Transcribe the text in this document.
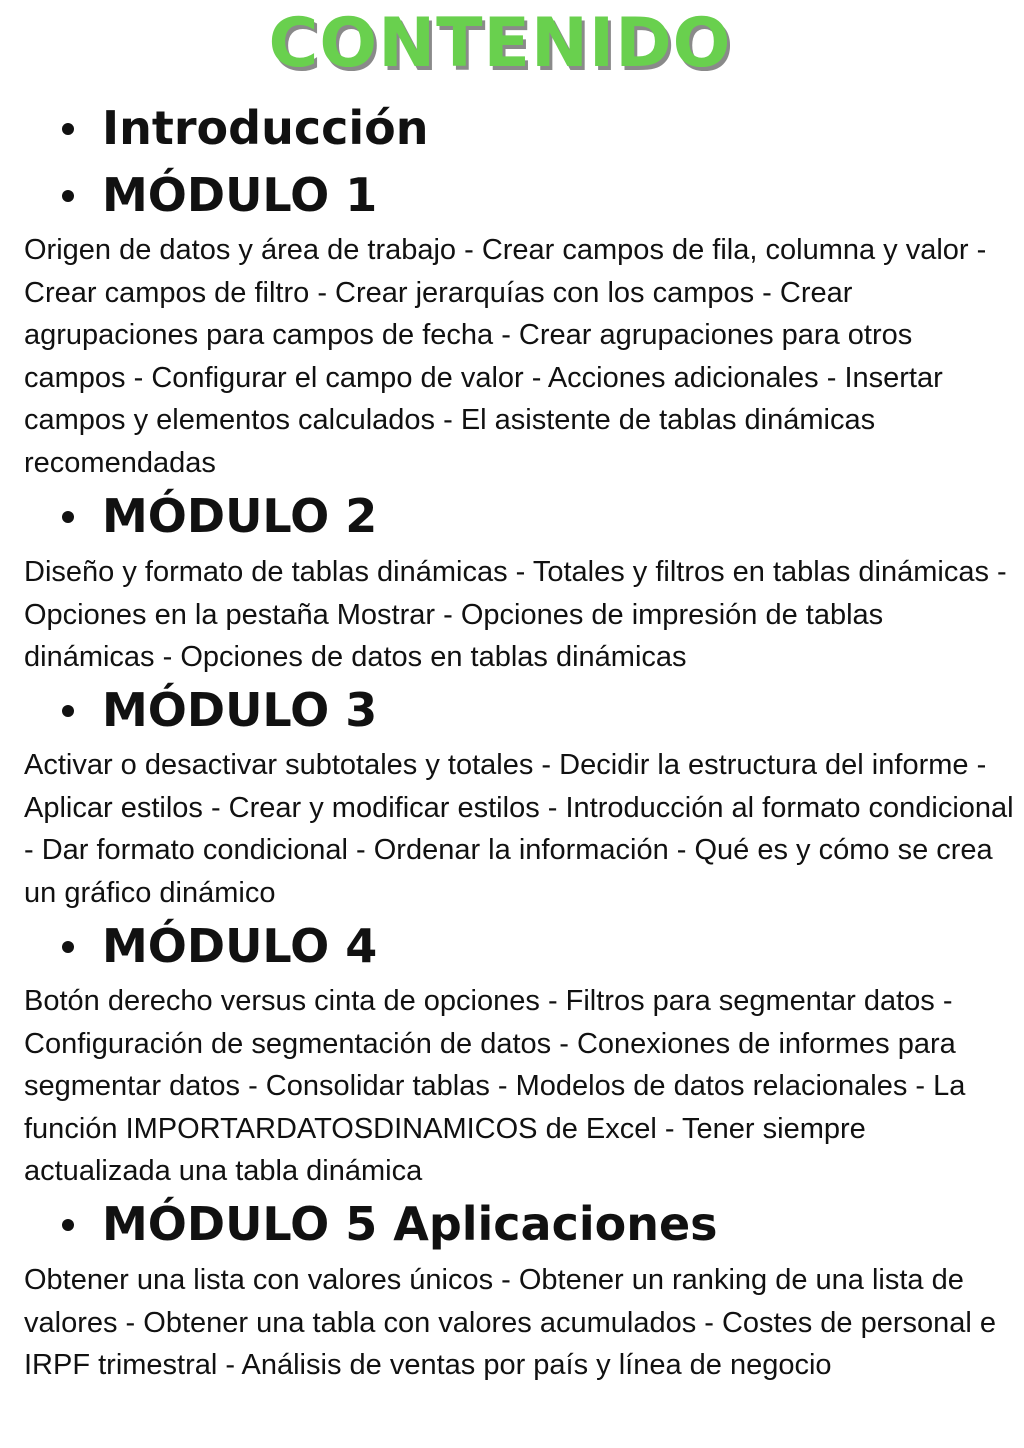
CONTENIDO
Introducción
MÓDULO 1

Origen de datos y área de trabajo - Crear campos de fila, columna y valor - Crear campos de filtro - Crear jerarquías con los campos - Crear agrupaciones para campos de fecha - Crear agrupaciones para otros campos - Configurar el campo de valor - Acciones adicionales - Insertar campos y elementos calculados - El asistente de tablas dinámicas recomendadas

MÓDULO 2

Diseño y formato de tablas dinámicas - Totales y filtros en tablas dinámicas - Opciones en la pestaña Mostrar - Opciones de impresión de tablas dinámicas - Opciones de datos en tablas dinámicas

MÓDULO 3

Activar o desactivar subtotales y totales - Decidir la estructura del informe - Aplicar estilos - Crear y modificar estilos - Introducción al formato condicional - Dar formato condicional - Ordenar la información - Qué es y cómo se crea un gráfico dinámico

MÓDULO 4

Botón derecho versus cinta de opciones - Filtros para segmentar datos - Configuración de segmentación de datos - Conexiones de informes para segmentar datos - Consolidar tablas - Modelos de datos relacionales - La función IMPORTARDATOSDINAMICOS de Excel - Tener siempre actualizada una tabla dinámica

MÓDULO 5 Aplicaciones

Obtener una lista con valores únicos - Obtener un ranking de una lista de valores - Obtener una tabla con valores acumulados - Costes de personal e IRPF trimestral - Análisis de ventas por país y línea de negocio
